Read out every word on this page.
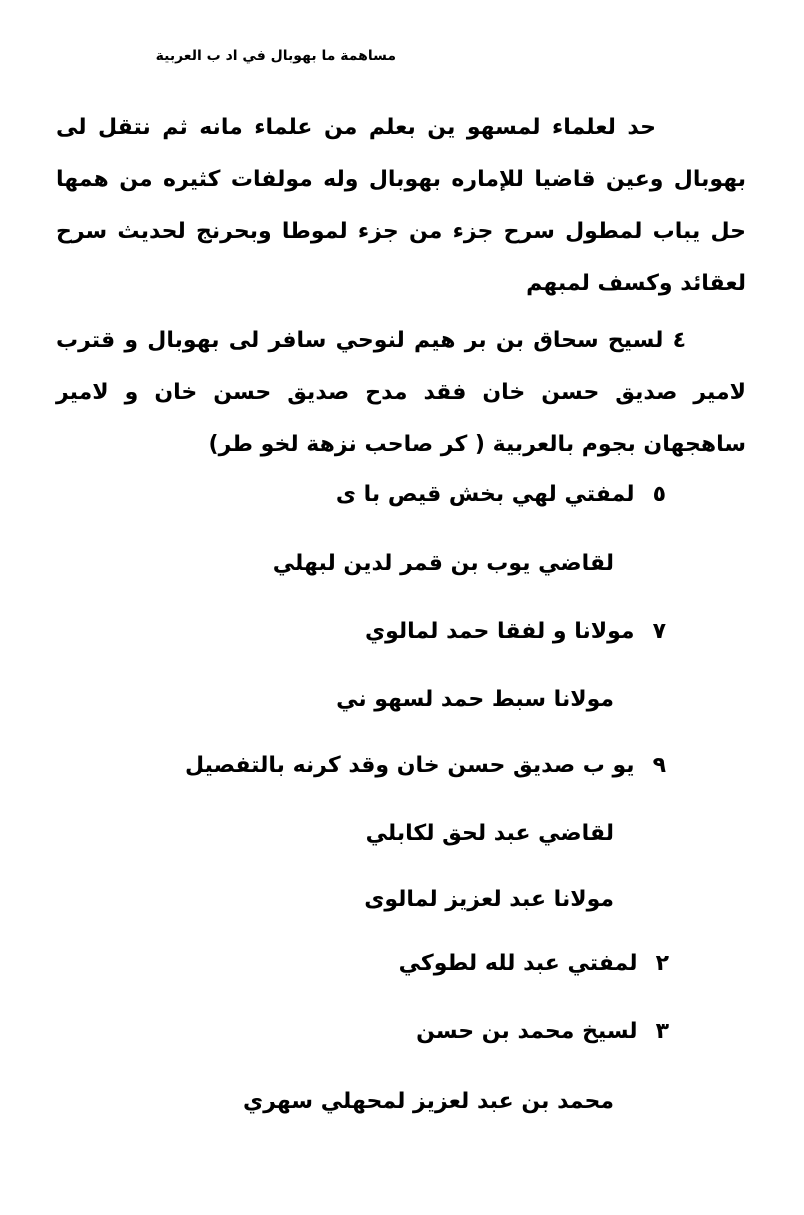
مساهمة ما بهوبال في اد ب العربية
حد لعلماء لمسهو ين بعلم من علماء مانه ثم نتقل لى بهوبال وعين قاضيا للإماره بهوبال وله مولفات كثيره من همها حل يباب لمطول سرح جزء من جزء لموطا وبحرنج لحديث سرح لعقائد وكسف لمبهم
٤ لسيح سحاق بن بر هيم لنوحي سافر لى بهوبال و قترب لامير صديق حسن خان فقد مدح صديق حسن خان و لامير ساهجهان بجوم بالعربية ( كر صاحب نزهة لخو طر)
٥لمفتي لهي بخش قيص با ى
لقاضي يوب بن قمر لدين لبهلي
٧مولانا و لفقا حمد لمالوي
مولانا سبط حمد لسهو ني
٩يو ب صديق حسن خان وقد كرنه بالتفصيل
لقاضي عبد لحق لكابلي
مولانا عبد لعزيز لمالوى
٢لمفتي عبد لله لطوكي
٣لسيخ محمد بن حسن
محمد بن عبد لعزيز لمحهلي سهري
